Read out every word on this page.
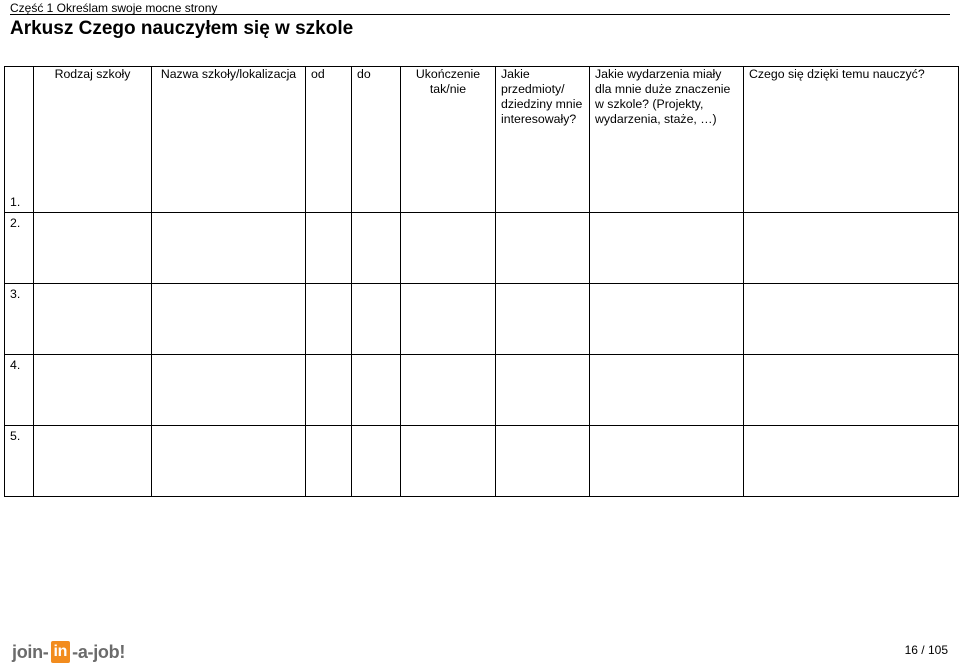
Część 1 Określam swoje mocne strony
Arkusz Czego nauczyłem się w szkole
1.	Rodzaj szkoły	Nazwa szkoły/lokalizacja	od	do	Ukończenie tak/nie	Jakie przedmioty/ dziedziny mnie interesowały?	Jakie wydarzenia miały dla mnie duże znaczenie w szkole? (Projekty, wydarzenia, staże, …)	Czego się dzięki temu nauczyć?
2.								
3.								
4.								
5.								
join- in -a-job!	16 / 105
